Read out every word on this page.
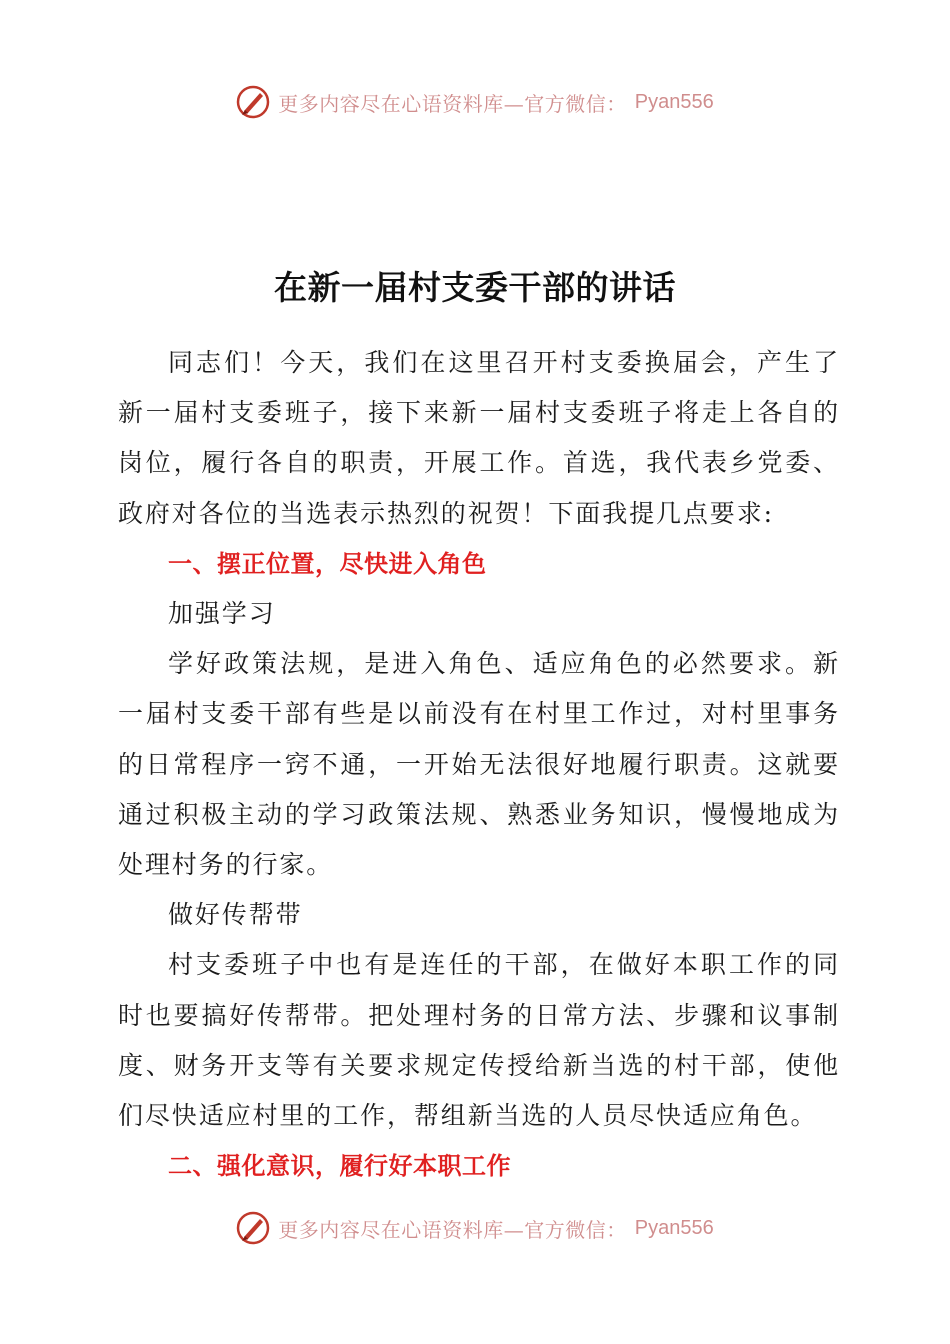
更多内容尽在心语资料库—官方微信： Pyan556
在新一届村支委干部的讲话

同志们！今天，我们在这里召开村支委换届会，产生了新一届村支委班子，接下来新一届村支委班子将走上各自的岗位，履行各自的职责，开展工作。首选，我代表乡党委、政府对各位的当选表示热烈的祝贺！下面我提几点要求:

一、摆正位置，尽快进入角色

加强学习

学好政策法规，是进入角色、适应角色的必然要求。新一届村支委干部有些是以前没有在村里工作过，对村里事务的日常程序一窍不通，一开始无法很好地履行职责。这就要通过积极主动的学习政策法规、熟悉业务知识，慢慢地成为处理村务的行家。

做好传帮带

村支委班子中也有是连任的干部，在做好本职工作的同时也要搞好传帮带。把处理村务的日常方法、步骤和议事制度、财务开支等有关要求规定传授给新当选的村干部，使他们尽快适应村里的工作，帮组新当选的人员尽快适应角色。

二、强化意识，履行好本职工作

更多内容尽在心语资料库—官方微信： Pyan556
